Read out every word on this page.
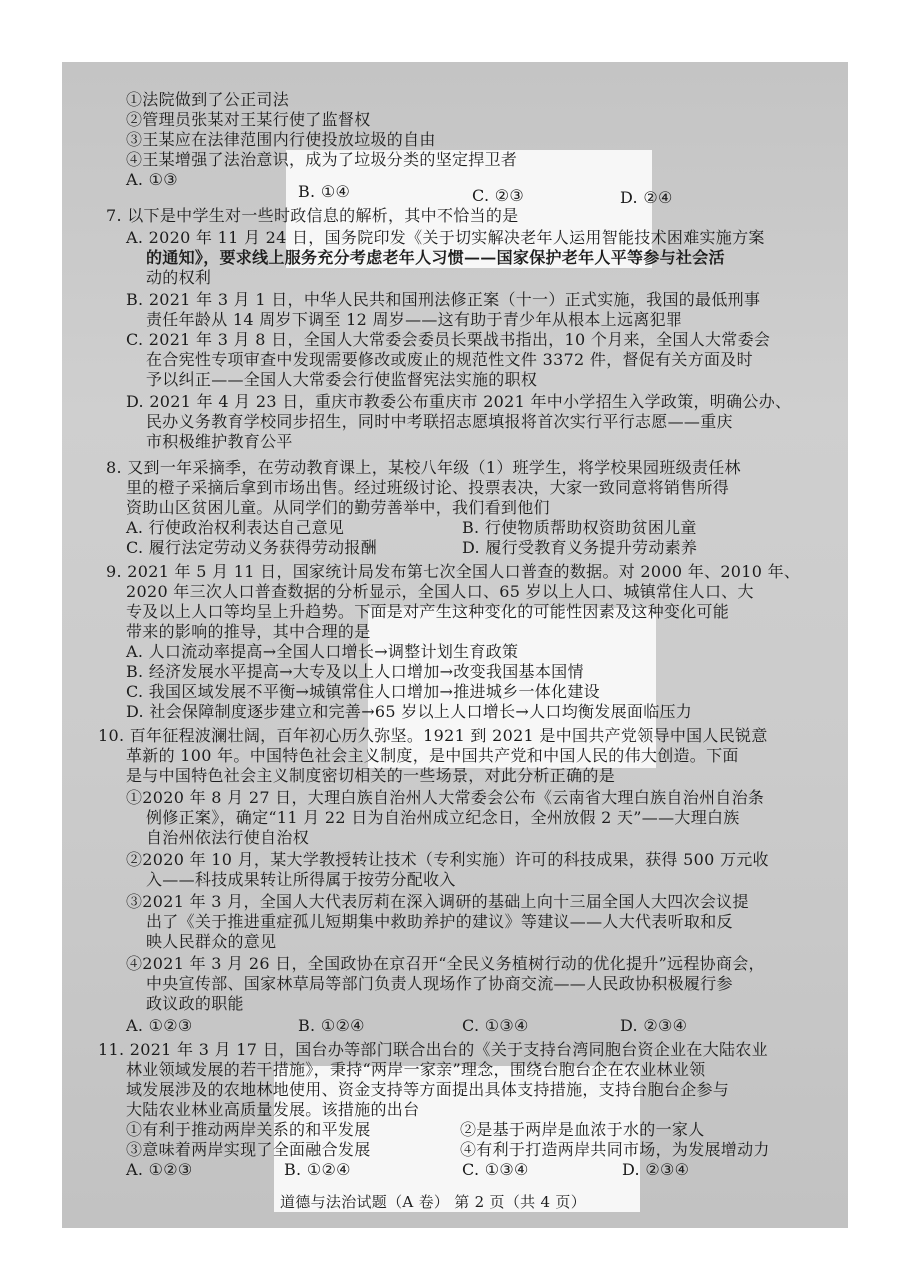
①法院做到了公正司法
②管理员张某对王某行使了监督权
③王某应在法律范围内行使投放垃圾的自由
④王某增强了法治意识，成为了垃圾分类的坚定捍卫者
A. ①③
B. ①④	C. ②③	D. ②④
7. 以下是中学生对一些时政信息的解析，其中不恰当的是
A. 2020 年 11 月 24 日，国务院印发《关于切实解决老年人运用智能技术困难实施方案
的通知》，要求线上服务充分考虑老年人习惯——国家保护老年人平等参与社会活
动的权利
B. 2021 年 3 月 1 日，中华人民共和国刑法修正案（十一）正式实施，我国的最低刑事
责任年龄从 14 周岁下调至 12 周岁——这有助于青少年从根本上远离犯罪
C. 2021 年 3 月 8 日，全国人大常委会委员长栗战书指出，10 个月来，全国人大常委会
在合宪性专项审查中发现需要修改或废止的规范性文件 3372 件，督促有关方面及时
予以纠正——全国人大常委会行使监督宪法实施的职权
D. 2021 年 4 月 23 日，重庆市教委公布重庆市 2021 年中小学招生入学政策，明确公办、
民办义务教育学校同步招生，同时中考联招志愿填报将首次实行平行志愿——重庆
市积极维护教育公平
8. 又到一年采摘季，在劳动教育课上，某校八年级（1）班学生，将学校果园班级责任林
里的橙子采摘后拿到市场出售。经过班级讨论、投票表决，大家一致同意将销售所得
资助山区贫困儿童。从同学们的勤劳善举中，我们看到他们
A. 行使政治权利表达自己意见	B. 行使物质帮助权资助贫困儿童
C. 履行法定劳动义务获得劳动报酬	D. 履行受教育义务提升劳动素养
9. 2021 年 5 月 11 日，国家统计局发布第七次全国人口普查的数据。对 2000 年、2010 年、
2020 年三次人口普查数据的分析显示，全国人口、65 岁以上人口、城镇常住人口、大
专及以上人口等均呈上升趋势。下面是对产生这种变化的可能性因素及这种变化可能
带来的影响的推导，其中合理的是
A. 人口流动率提高→全国人口增长→调整计划生育政策
B. 经济发展水平提高→大专及以上人口增加→改变我国基本国情
C. 我国区域发展不平衡→城镇常住人口增加→推进城乡一体化建设
D. 社会保障制度逐步建立和完善→65 岁以上人口增长→人口均衡发展面临压力
10. 百年征程波澜壮阔，百年初心历久弥坚。1921 到 2021 是中国共产党领导中国人民锐意
革新的 100 年。中国特色社会主义制度，是中国共产党和中国人民的伟大创造。下面
是与中国特色社会主义制度密切相关的一些场景，对此分析正确的是
①2020 年 8 月 27 日，大理白族自治州人大常委会公布《云南省大理白族自治州自治条
例修正案》，确定“11 月 22 日为自治州成立纪念日，全州放假 2 天”——大理白族
自治州依法行使自治权
②2020 年 10 月，某大学教授转让技术（专利实施）许可的科技成果，获得 500 万元收
入——科技成果转让所得属于按劳分配收入
③2021 年 3 月，全国人大代表厉莉在深入调研的基础上向十三届全国人大四次会议提
出了《关于推进重症孤儿短期集中救助养护的建议》等建议——人大代表听取和反
映人民群众的意见
④2021 年 3 月 26 日，全国政协在京召开“全民义务植树行动的优化提升”远程协商会，
中央宣传部、国家林草局等部门负责人现场作了协商交流——人民政协积极履行参
政议政的职能
A. ①②③	B. ①②④	C. ①③④	D. ②③④
11. 2021 年 3 月 17 日，国台办等部门联合出台的《关于支持台湾同胞台资企业在大陆农业
林业领域发展的若干措施》，秉持“两岸一家亲”理念，围绕台胞台企在农业林业领
域发展涉及的农地林地使用、资金支持等方面提出具体支持措施，支持台胞台企参与
大陆农业林业高质量发展。该措施的出台
①有利于推动两岸关系的和平发展	②是基于两岸是血浓于水的一家人
③意味着两岸实现了全面融合发展	④有利于打造两岸共同市场，为发展增动力
A. ①②③	B. ①②④	C. ①③④	D. ②③④
道德与法治试题（A 卷） 第 2 页（共 4 页）
